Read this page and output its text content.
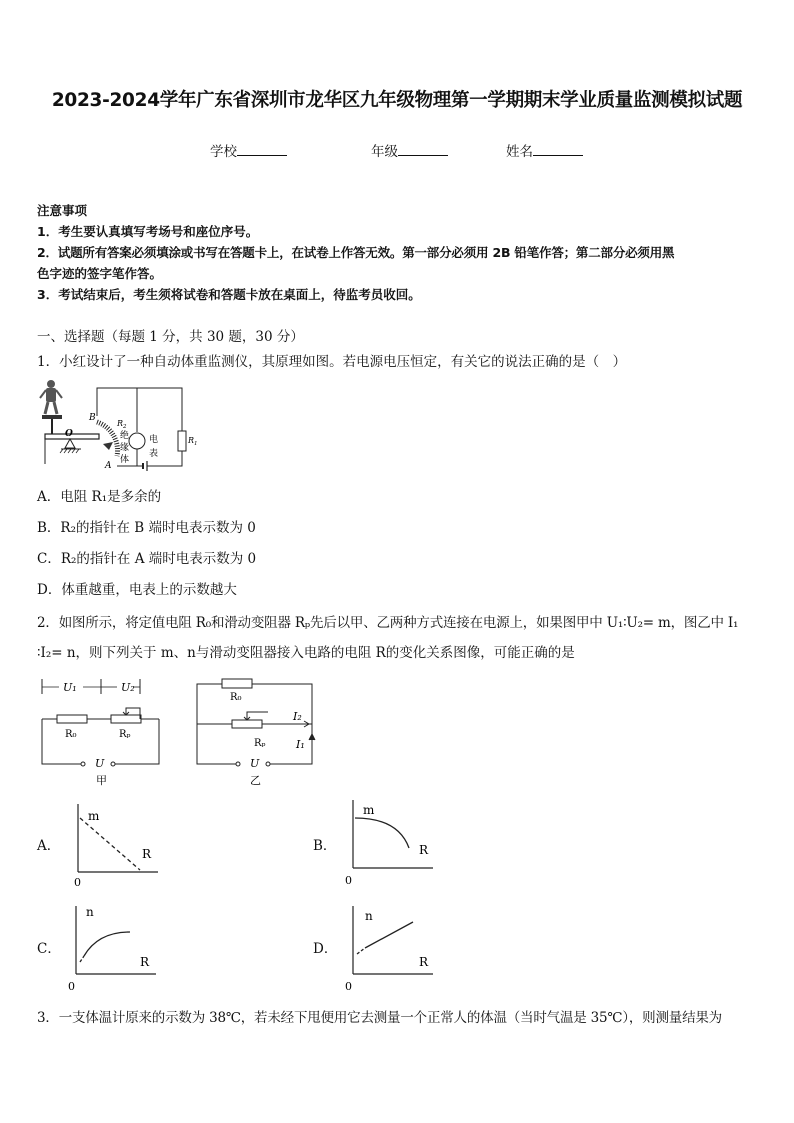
2023-2024学年广东省深圳市龙华区九年级物理第一学期期末学业质量监测模拟试题
学校	年级	姓名
注意事项
1．考生要认真填写考场号和座位序号。
2．试题所有答案必须填涂或书写在答题卡上，在试卷上作答无效。第一部分必须用 2B 铅笔作答；第二部分必须用黑
色字迹的签字笔作答。
3．考试结束后，考生须将试卷和答题卡放在桌面上，待监考员收回。
一、选择题（每题 1 分，共 30 题，30 分）
1．小红设计了一种自动体重监测仪，其原理如图。若电源电压恒定，有关它的说法正确的是（　）
O
B
A
$R_2$
绝
缘
体
电
表
$R_1$
A．电阻 R₁是多余的
B．R₂的指针在 B 端时电表示数为 0
C．R₂的指针在 A 端时电表示数为 0
D．体重越重，电表上的示数越大
2．如图所示，将定值电阻 R₀和滑动变阻器 Rₚ先后以甲、乙两种方式连接在电源上，如果图甲中 U₁∶U₂= m，图乙中 I₁
∶I₂= n，则下列关于 m、n与滑动变阻器接入电路的电阻 R的变化关系图像，可能正确的是
U₁	U₂
R₀	Rₚ
U
甲
R₀
Rₚ
I₂
I₁
U
乙
A．
m
R
0
B．
m
R
0
C．
n
R
0
D．
n
R
0
3．一支体温计原来的示数为 38℃，若未经下甩便用它去测量一个正常人的体温（当时气温是 35℃），则测量结果为
